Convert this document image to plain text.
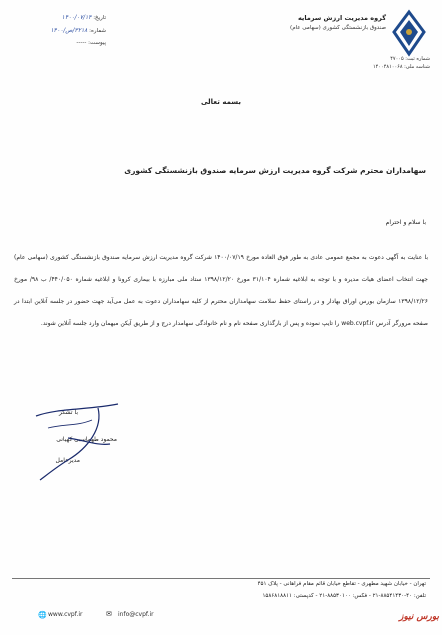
گروه مدیریت ارزش سرمایه
صندوق بازنشستگی کشوری (سهامی عام)
شماره ثبت: ۴۷۰۰۵
شناسه ملی: ۱۴۰۰۴۸۱۰۰۶۸
تاریخ: ۱۴۰۰/۰۷/۱۴
شماره: ۳۲۱۸/ص/۱۴۰۰
پیوست: -----
بسمه تعالی
سهامداران محترم شرکت گروه مدیریت ارزش سرمایه صندوق بازنشستگی کشوری
با سلام و احترام
با عنایت به آگهی دعوت به مجمع عمومی عادی به طور فوق العاده مورخ ۱۴۰۰/۰۷/۱۹ شرکت گروه مدیریت ارزش سرمایه صندوق بازنشستگی کشوری (سهامی عام) جهت انتخاب اعضای هیات مدیره و با توجه به ابلاغیه شماره ۳۱/۱۰۴ مورخ ۱۳۹۸/۱۲/۲۰ ستاد ملی مبارزه با بیماری کرونا و ابلاغیه شماره ۴۴۰/۰۵۰/ ب ۹۸/ مورخ ۱۳۹۸/۱۲/۲۶ سازمان بورس اوراق بهادار و در راستای حفظ سلامت سهامداران محترم از کلیه سهامداران دعوت به عمل می‌آید جهت حضور در جلسه آنلاین ابتدا در صفحه مرورگر آدرس web.cvpf.ir را تایپ نموده و پس از بارگذاری صفحه نام و نام خانوادگی سهامدار درج و از طریق آیکن میهمان وارد جلسه آنلاین شوند.
با تشکر
محمود طهماسبی کهیانی
مدیرعامل
تهران - خیابان شهید مطهری - تقاطع خیابان قائم مقام فراهانی - پلاک ۴۵۱
تلفن: ۴۰-۸۸۵۴۱۴۳۰-۲۱ - فکس: ۸۸۵۳۰۱۰۰-۲۱ - کدپستی: ۱۵۸۶۸۱۸۸۱۱
🌐 www.cvpf.ir	✉ info@cvpf.ir	بورس نیوز
